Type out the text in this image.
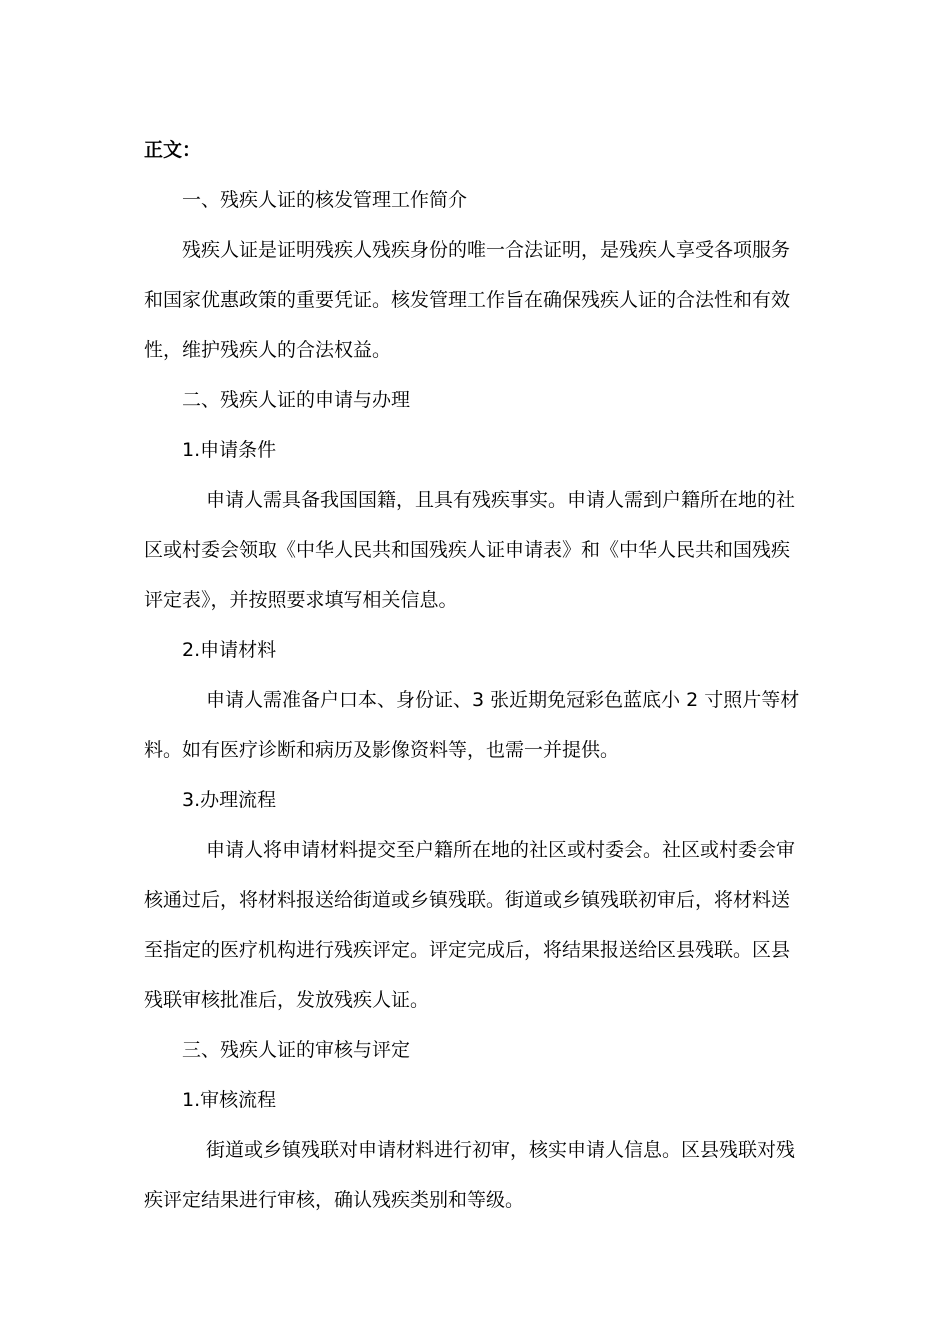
正文：

一、残疾人证的核发管理工作简介

残疾人证是证明残疾人残疾身份的唯一合法证明，是残疾人享受各项服务

和国家优惠政策的重要凭证。核发管理工作旨在确保残疾人证的合法性和有效

性，维护残疾人的合法权益。

二、残疾人证的申请与办理

1.申请条件

申请人需具备我国国籍，且具有残疾事实。申请人需到户籍所在地的社

区或村委会领取《中华人民共和国残疾人证申请表》和《中华人民共和国残疾

评定表》，并按照要求填写相关信息。

2.申请材料

申请人需准备户口本、身份证、3 张近期免冠彩色蓝底小 2 寸照片等材

料。如有医疗诊断和病历及影像资料等，也需一并提供。

3.办理流程

申请人将申请材料提交至户籍所在地的社区或村委会。社区或村委会审

核通过后，将材料报送给街道或乡镇残联。街道或乡镇残联初审后，将材料送

至指定的医疗机构进行残疾评定。评定完成后，将结果报送给区县残联。区县

残联审核批准后，发放残疾人证。

三、残疾人证的审核与评定

1.审核流程

街道或乡镇残联对申请材料进行初审，核实申请人信息。区县残联对残

疾评定结果进行审核，确认残疾类别和等级。
